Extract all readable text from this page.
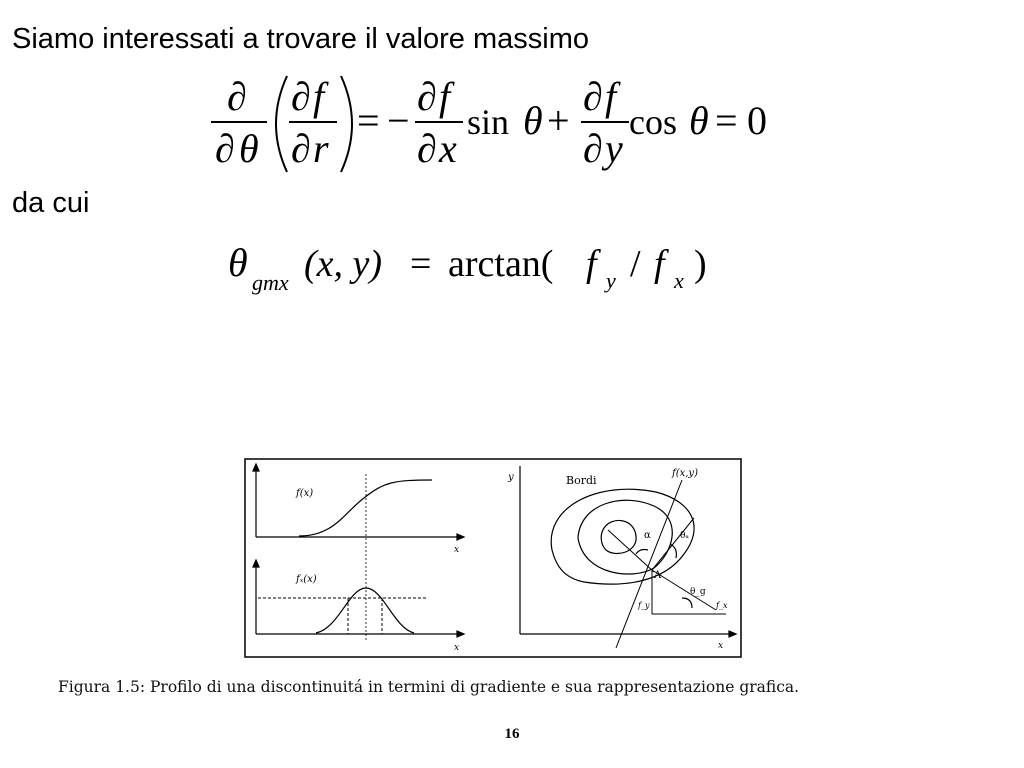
Siamo interessati a trovare il valore massimo
∂
∂ θ
∂ f
∂ r
= −
∂ f
∂ x
sin θ +
∂ f
∂ y
cos θ = 0
da cui
θ gmx (x, y) = arctan( f y / f x )
f(x)
x
fₓ(x)
x
y
x
Bordi
f(x,y)
α	θₐ
θ_g
A
f_y	f_x
Figura 1.5: Profilo di una discontinuitá in termini di gradiente e sua rappresentazione grafica.
16
